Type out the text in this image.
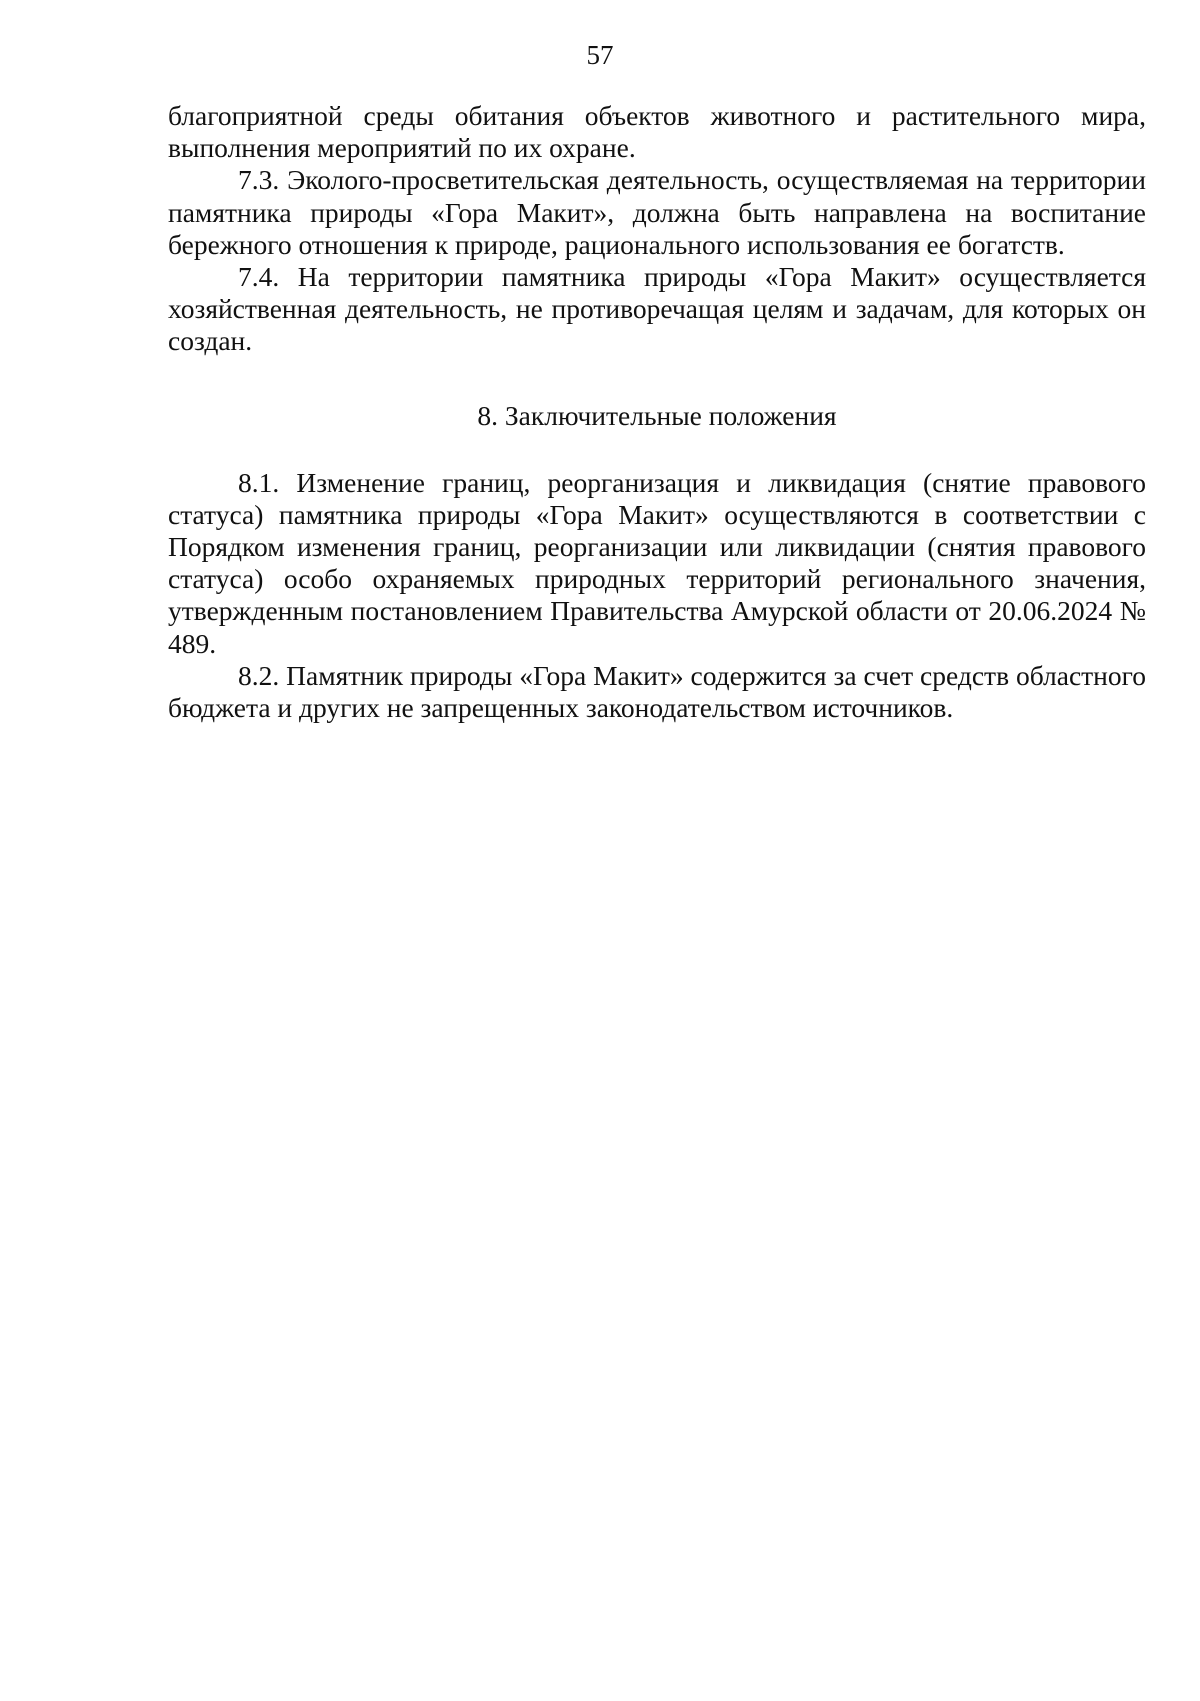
57

благоприятной среды обитания объектов животного и растительного мира, выполнения мероприятий по их охране.

7.3. Эколого-просветительская деятельность, осуществляемая на территории памятника природы «Гора Макит», должна быть направлена на воспитание бережного отношения к природе, рационального использования ее богатств.

7.4. На территории памятника природы «Гора Макит» осуществляется хозяйственная деятельность, не противоречащая целям и задачам, для которых он создан.

8. Заключительные положения

8.1. Изменение границ, реорганизация и ликвидация (снятие правового статуса) памятника природы «Гора Макит» осуществляются в соответствии с Порядком изменения границ, реорганизации или ликвидации (снятия правового статуса) особо охраняемых природных территорий регионального значения, утвержденным постановлением Правительства Амурской области от 20.06.2024 № 489.

8.2. Памятник природы «Гора Макит» содержится за счет средств областного бюджета и других не запрещенных законодательством источников.
